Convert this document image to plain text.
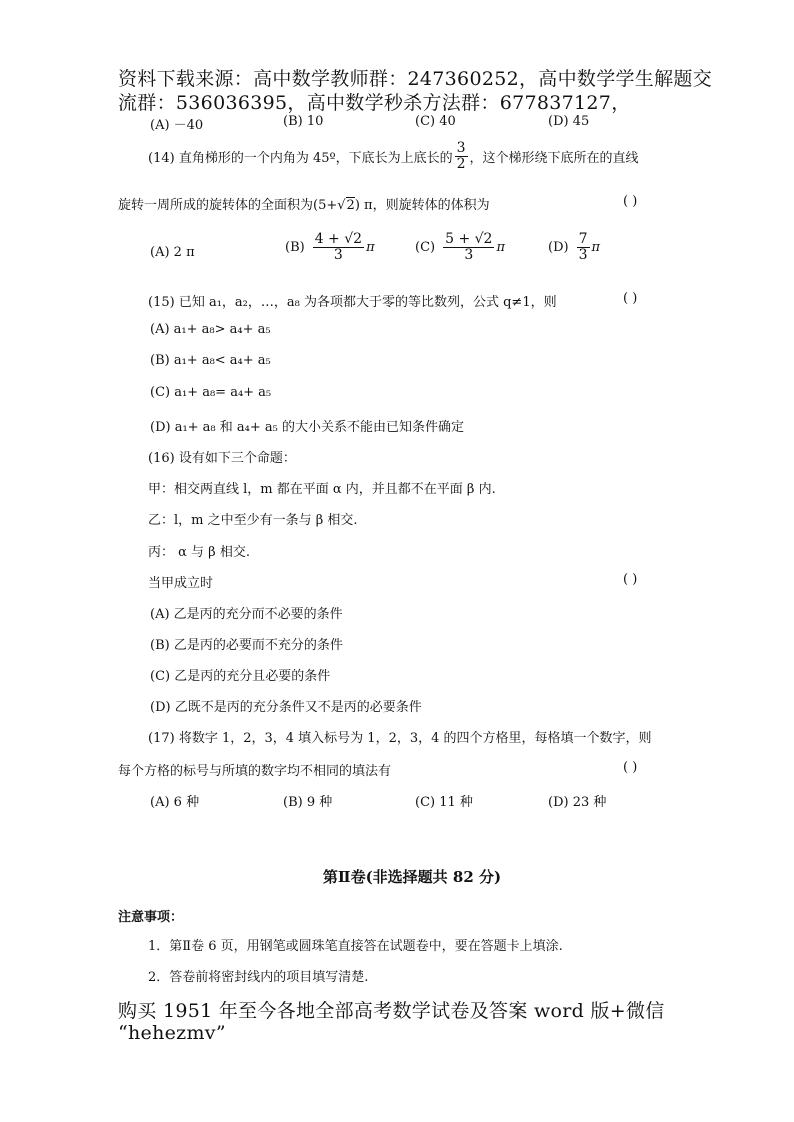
资料下载来源：高中数学教师群：247360252，高中数学学生解题交
流群：536036395，高中数学秒杀方法群：677837127，
(A) －40	(B) 10	(C) 40	(D) 45
(14) 直角梯形的一个内角为 45º，下底长为上底长的 $\frac{3}{2}$ ，这个梯形绕下底所在的直线
旋转一周所成的旋转体的全面积为(5+√2) π，则旋转体的体积为	( )
(A) 2 π	$(B) \frac{4 + √2}{3}$ π	$(C) \frac{5 + √2}{3}$ π	$(D) \frac{7}{3}$ π
(15) 已知 a₁，a₂，…，a₈ 为各项都大于零的等比数列，公式 q≠1，则	( )
(A) a₁+ a₈> a₄+ a₅
(B) a₁+ a₈< a₄+ a₅
(C) a₁+ a₈= a₄+ a₅
(D) a₁+ a₈ 和 a₄+ a₅ 的大小关系不能由已知条件确定
(16) 设有如下三个命题：
甲：相交两直线 l，m 都在平面 α 内，并且都不在平面 β 内.
乙：l，m 之中至少有一条与 β 相交.
丙： α 与 β 相交.
当甲成立时	( )
(A) 乙是丙的充分而不必要的条件
(B) 乙是丙的必要而不充分的条件
(C) 乙是丙的充分且必要的条件
(D) 乙既不是丙的充分条件又不是丙的必要条件
(17) 将数字 1，2，3，4 填入标号为 1，2，3，4 的四个方格里，每格填一个数字，则
每个方格的标号与所填的数字均不相同的填法有	( )
(A) 6 种	(B) 9 种	(C) 11 种	(D) 23 种
第Ⅱ卷(非选择题共 82 分)
注意事项：
1．第Ⅱ卷 6 页，用钢笔或圆珠笔直接答在试题卷中，要在答题卡上填涂.
2．答卷前将密封线内的项目填写清楚.
购买 1951 年至今各地全部高考数学试卷及答案 word 版+微信
“hehezmv”
